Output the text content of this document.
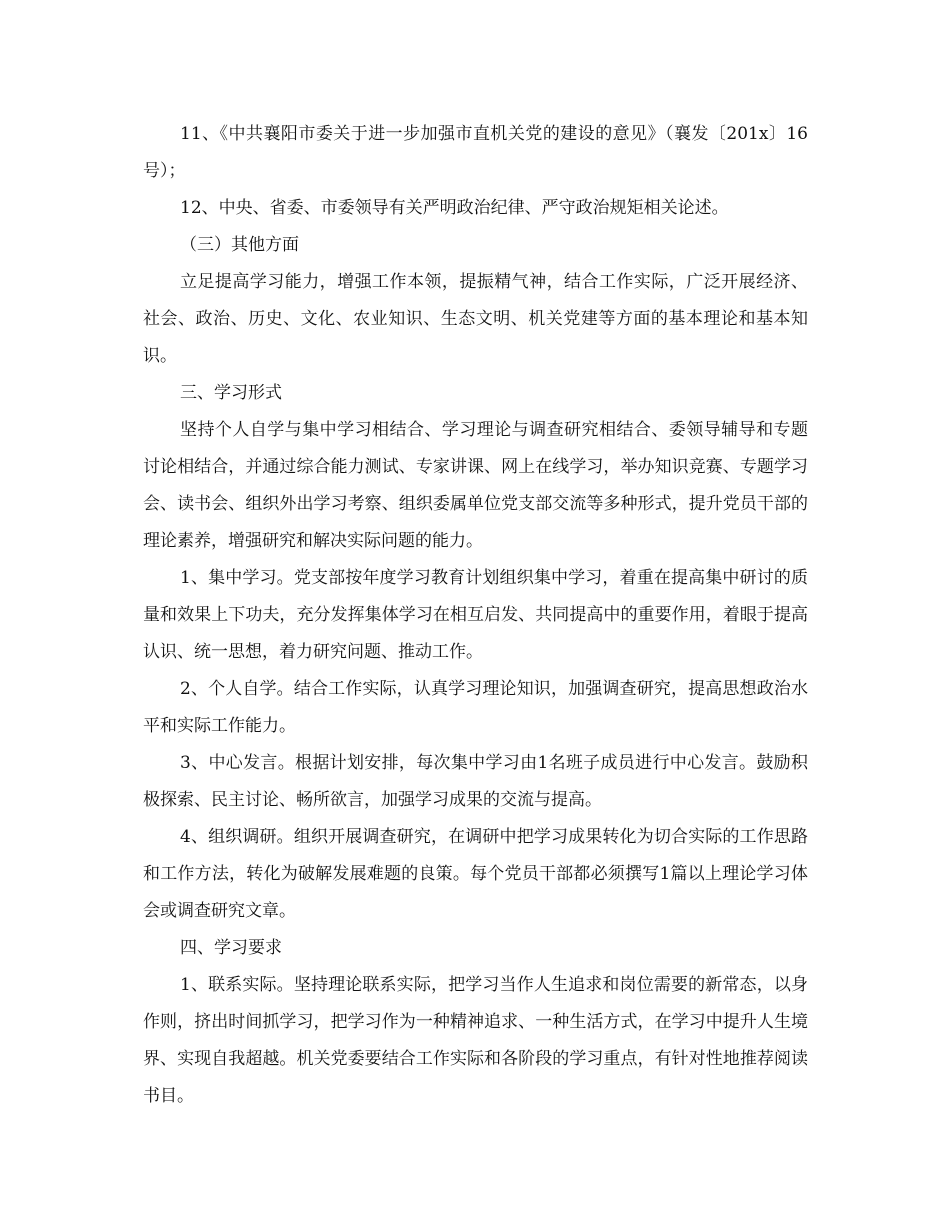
11、《中共襄阳市委关于进一步加强市直机关党的建设的意见》（襄发〔201x〕16号）；

12、中央、省委、市委领导有关严明政治纪律、严守政治规矩相关论述。

（三）其他方面

立足提高学习能力，增强工作本领，提振精气神，结合工作实际，广泛开展经济、社会、政治、历史、文化、农业知识、生态文明、机关党建等方面的基本理论和基本知识。

三、学习形式

坚持个人自学与集中学习相结合、学习理论与调查研究相结合、委领导辅导和专题讨论相结合，并通过综合能力测试、专家讲课、网上在线学习，举办知识竞赛、专题学习会、读书会、组织外出学习考察、组织委属单位党支部交流等多种形式，提升党员干部的理论素养，增强研究和解决实际问题的能力。

1、集中学习。党支部按年度学习教育计划组织集中学习，着重在提高集中研讨的质量和效果上下功夫，充分发挥集体学习在相互启发、共同提高中的重要作用，着眼于提高认识、统一思想，着力研究问题、推动工作。

2、个人自学。结合工作实际，认真学习理论知识，加强调查研究，提高思想政治水平和实际工作能力。

3、中心发言。根据计划安排，每次集中学习由1名班子成员进行中心发言。鼓励积极探索、民主讨论、畅所欲言，加强学习成果的交流与提高。

4、组织调研。组织开展调查研究，在调研中把学习成果转化为切合实际的工作思路和工作方法，转化为破解发展难题的良策。每个党员干部都必须撰写1篇以上理论学习体会或调查研究文章。

四、学习要求

1、联系实际。坚持理论联系实际，把学习当作人生追求和岗位需要的新常态，以身作则，挤出时间抓学习，把学习作为一种精神追求、一种生活方式，在学习中提升人生境界、实现自我超越。机关党委要结合工作实际和各阶段的学习重点，有针对性地推荐阅读书目。
